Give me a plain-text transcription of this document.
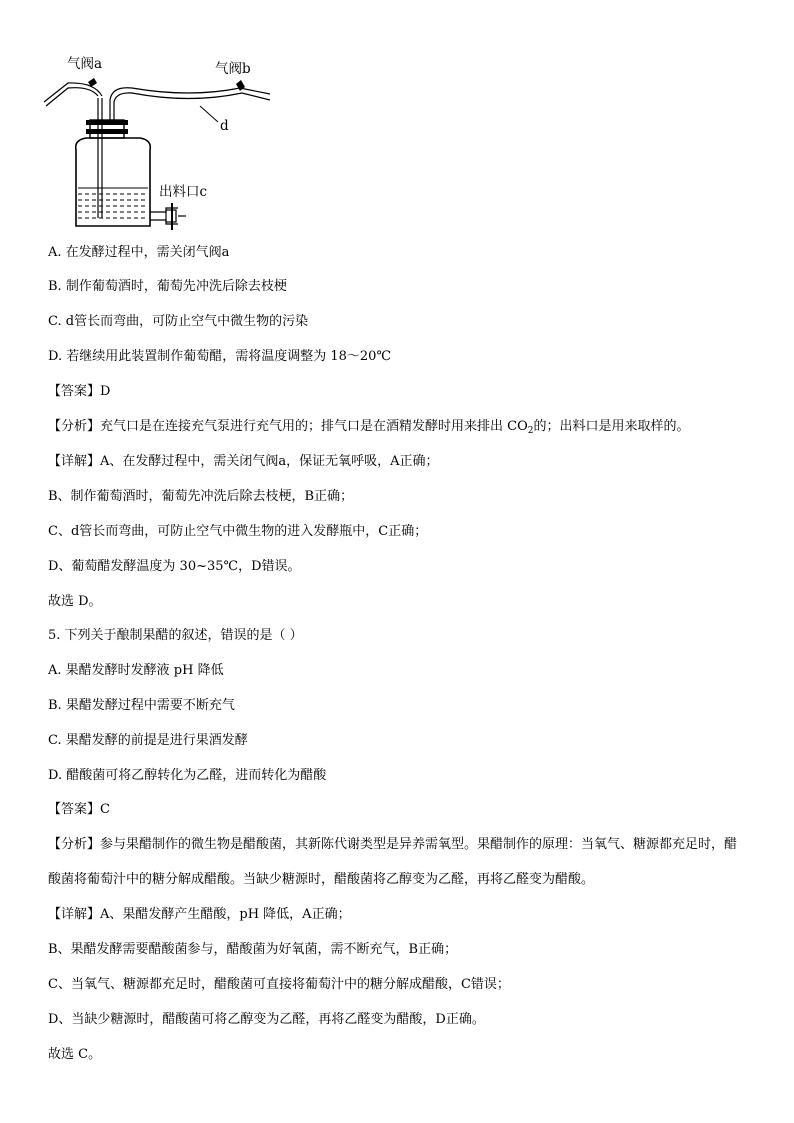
气阀a	气阀b
d
出料口c
A. 在发酵过程中，需关闭气阀a
B. 制作葡萄酒时，葡萄先冲洗后除去枝梗
C. d管长而弯曲，可防止空气中微生物的污染
D. 若继续用此装置制作葡萄醋，需将温度调整为 18～20℃
【答案】D
【分析】充气口是在连接充气泵进行充气用的；排气口是在酒精发酵时用来排出 $CO_2$的；出料口是用来取样的。
【详解】A、在发酵过程中，需关闭气阀a，保证无氧呼吸，A正确；
B、制作葡萄酒时，葡萄先冲洗后除去枝梗，B正确；
C、d管长而弯曲，可防止空气中微生物的进入发酵瓶中，C正确；
D、葡萄醋发酵温度为 30~35℃，D错误。
故选 D。
5. 下列关于酿制果醋的叙述，错误的是（ ）
A. 果醋发酵时发酵液 pH 降低
B. 果醋发酵过程中需要不断充气
C. 果醋发酵的前提是进行果酒发酵
D. 醋酸菌可将乙醇转化为乙醛，进而转化为醋酸
【答案】C
【分析】参与果醋制作的微生物是醋酸菌，其新陈代谢类型是异养需氧型。果醋制作的原理：当氧气、糖源都充足时，醋酸菌将葡萄汁中的糖分解成醋酸。当缺少糖源时，醋酸菌将乙醇变为乙醛，再将乙醛变为醋酸。
【详解】A、果醋发酵产生醋酸，pH 降低，A正确；
B、果醋发酵需要醋酸菌参与，醋酸菌为好氧菌，需不断充气，B正确；
C、当氧气、糖源都充足时，醋酸菌可直接将葡萄汁中的糖分解成醋酸，C错误；
D、当缺少糖源时，醋酸菌可将乙醇变为乙醛，再将乙醛变为醋酸，D正确。
故选 C。
